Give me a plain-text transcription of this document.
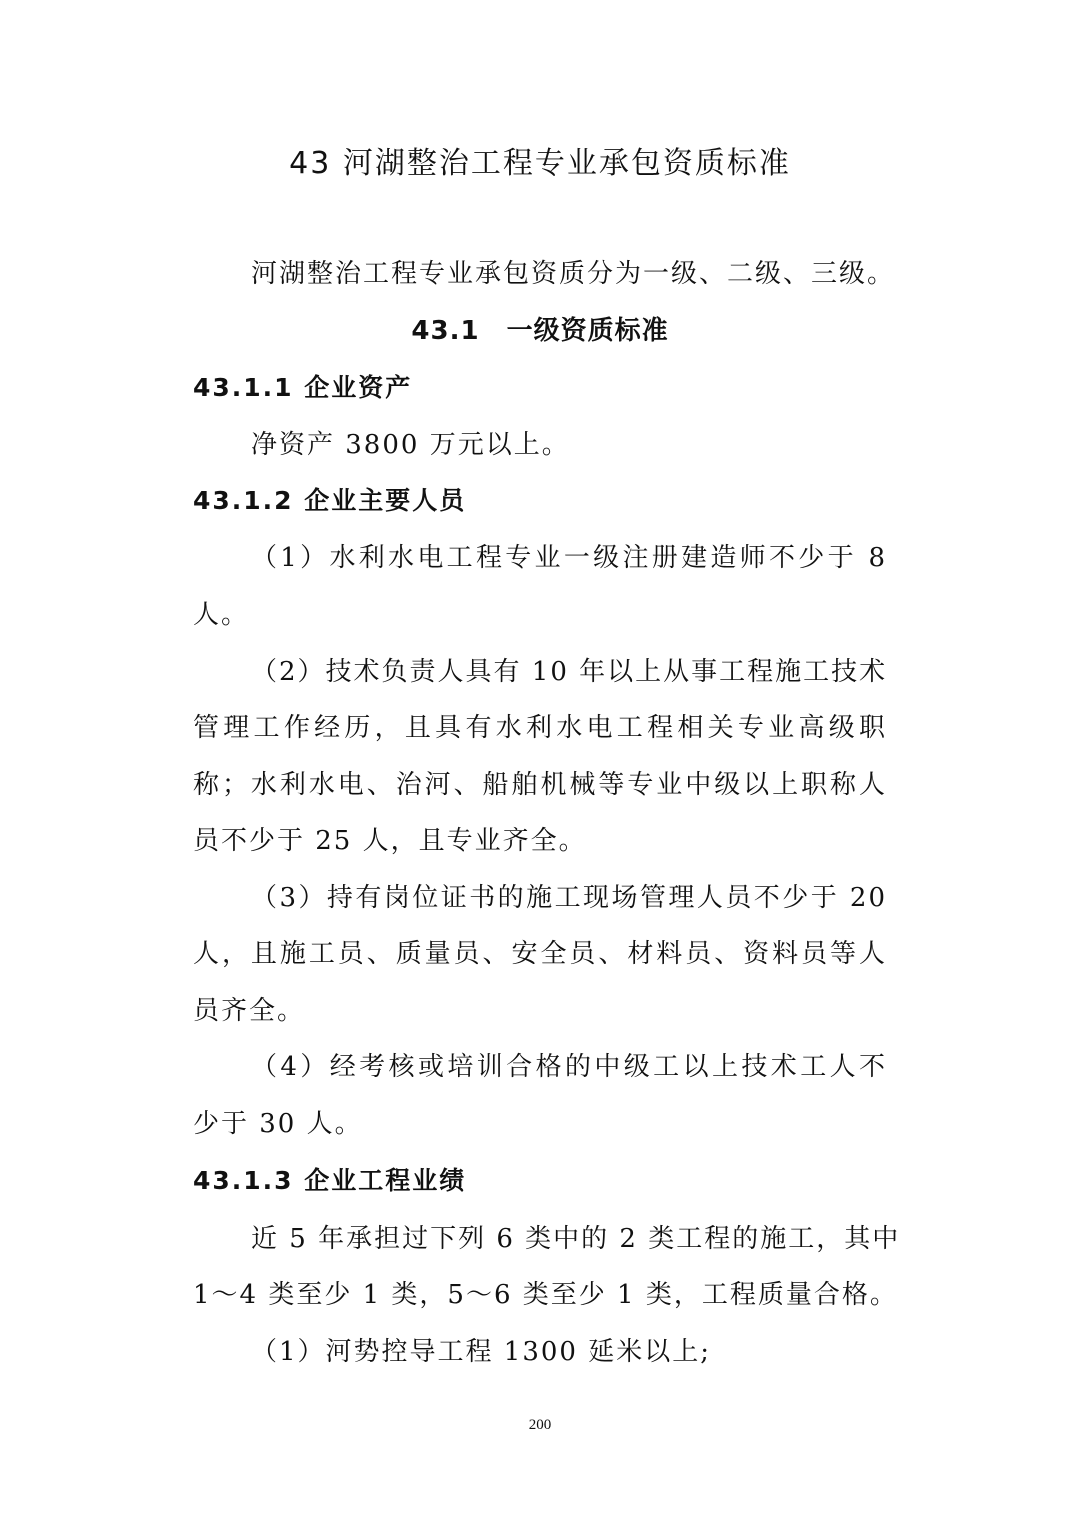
43 河湖整治工程专业承包资质标准
河湖整治工程专业承包资质分为一级、二级、三级。
43.1　一级资质标准
43.1.1 企业资产
净资产 3800 万元以上。
43.1.2 企业主要人员
（1）水利水电工程专业一级注册建造师不少于 8
人。
（2）技术负责人具有 10 年以上从事工程施工技术
管理工作经历，且具有水利水电工程相关专业高级职
称；水利水电、治河、船舶机械等专业中级以上职称人
员不少于 25 人，且专业齐全。
（3）持有岗位证书的施工现场管理人员不少于 20
人，且施工员、质量员、安全员、材料员、资料员等人
员齐全。
（4）经考核或培训合格的中级工以上技术工人不
少于 30 人。
43.1.3 企业工程业绩
近 5 年承担过下列 6 类中的 2 类工程的施工，其中
1～4 类至少 1 类，5～6 类至少 1 类，工程质量合格。
（1）河势控导工程 1300 延米以上;
200
